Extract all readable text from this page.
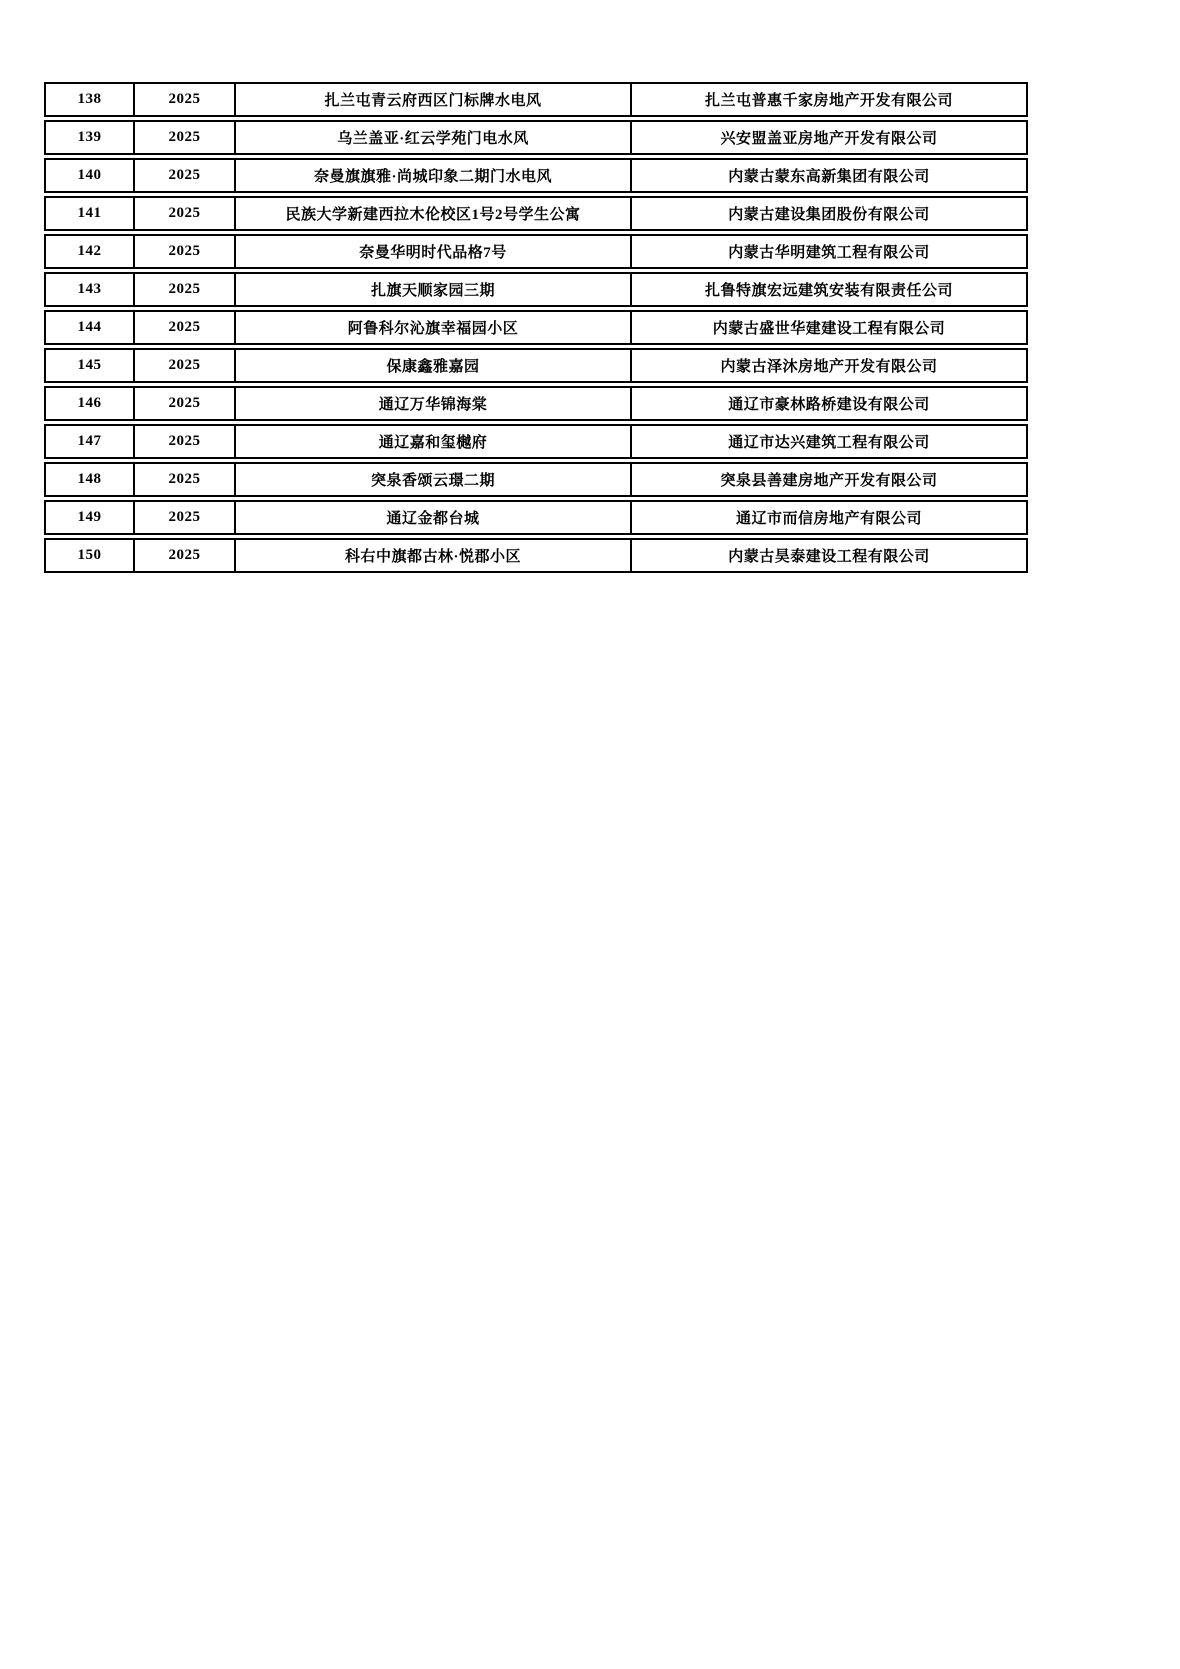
138	2025	扎兰屯青云府西区门标牌水电风	扎兰屯普惠千家房地产开发有限公司
139	2025	乌兰盖亚·红云学苑门电水风	兴安盟盖亚房地产开发有限公司
140	2025	奈曼旗旗雅·尚城印象二期门水电风	内蒙古蒙东高新集团有限公司
141	2025	民族大学新建西拉木伦校区1号2号学生公寓	内蒙古建设集团股份有限公司
142	2025	奈曼华明时代品格7号	内蒙古华明建筑工程有限公司
143	2025	扎旗天顺家园三期	扎鲁特旗宏远建筑安装有限责任公司
144	2025	阿鲁科尔沁旗幸福园小区	内蒙古盛世华建建设工程有限公司
145	2025	保康鑫雅嘉园	内蒙古泽沐房地产开发有限公司
146	2025	通辽万华锦海棠	通辽市豪林路桥建设有限公司
147	2025	通辽嘉和玺樾府	通辽市达兴建筑工程有限公司
148	2025	突泉香颂云璟二期	突泉县善建房地产开发有限公司
149	2025	通辽金都台城	通辽市而信房地产有限公司
150	2025	科右中旗都古林·悦郡小区	内蒙古昊泰建设工程有限公司
